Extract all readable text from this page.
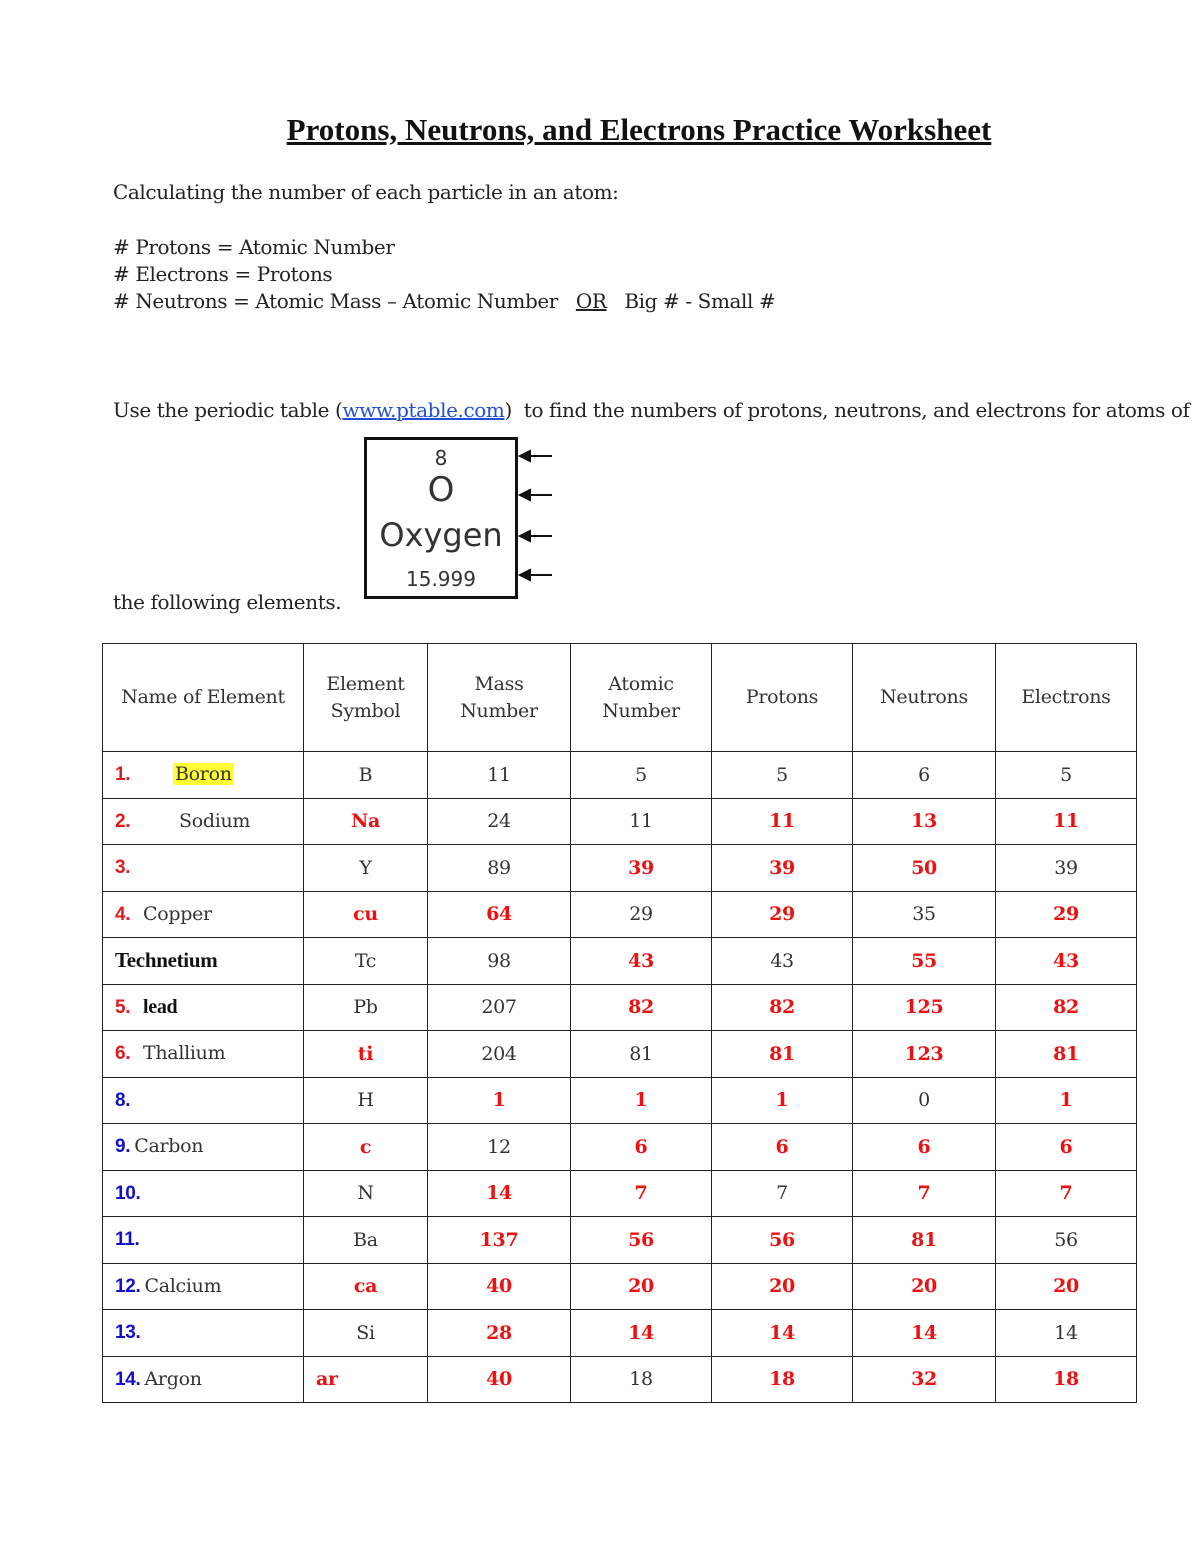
Protons, Neutrons, and Electrons Practice Worksheet
Calculating the number of each particle in an atom:
# Protons = Atomic Number
# Electrons = Protons
# Neutrons = Atomic Mass – Atomic Number OR Big # - Small #
Use the periodic table (www.ptable.com)  to find the numbers of protons, neutrons, and electrons for atoms of
the following elements.
8
O
Oxygen
15.999
Name of Element	Element Symbol	Mass Number	Atomic Number	Protons	Neutrons	Electrons
1. Boron	B	11	5	5	6	5
2. Sodium	Na	24	11	11	13	11
3.	Y	89	39	39	50	39
4. Copper	cu	64	29	29	35	29
Technetium	Tc	98	43	43	55	43
5. lead	Pb	207	82	82	125	82
6. Thallium	ti	204	81	81	123	81
8.	H	1	1	1	0	1
9. Carbon	c	12	6	6	6	6
10.	N	14	7	7	7	7
11.	Ba	137	56	56	81	56
12. Calcium	ca	40	20	20	20	20
13.	Si	28	14	14	14	14
14. Argon	ar	40	18	18	32	18
